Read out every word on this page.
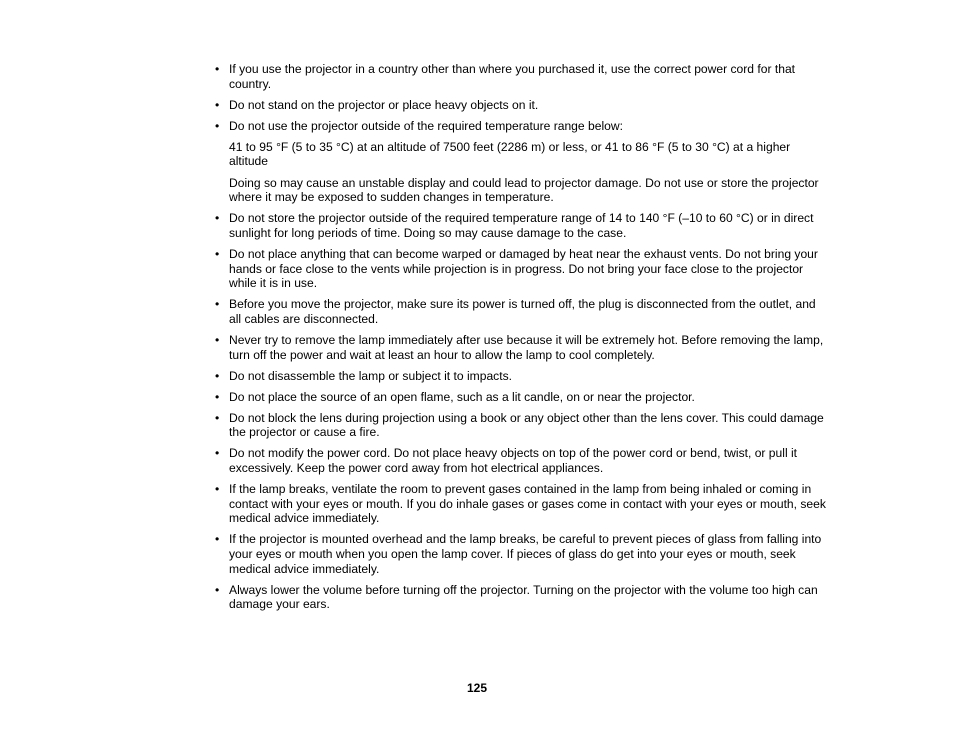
• If you use the projector in a country other than where you purchased it, use the correct power cord for that country.
• Do not stand on the projector or place heavy objects on it.
• Do not use the projector outside of the required temperature range below:
41 to 95 °F (5 to 35 °C) at an altitude of 7500 feet (2286 m) or less, or 41 to 86 °F (5 to 30 °C) at a higher altitude
Doing so may cause an unstable display and could lead to projector damage. Do not use or store the projector where it may be exposed to sudden changes in temperature.
• Do not store the projector outside of the required temperature range of 14 to 140 °F (–10 to 60 °C) or in direct sunlight for long periods of time. Doing so may cause damage to the case.
• Do not place anything that can become warped or damaged by heat near the exhaust vents. Do not bring your hands or face close to the vents while projection is in progress. Do not bring your face close to the projector while it is in use.
• Before you move the projector, make sure its power is turned off, the plug is disconnected from the outlet, and all cables are disconnected.
• Never try to remove the lamp immediately after use because it will be extremely hot. Before removing the lamp, turn off the power and wait at least an hour to allow the lamp to cool completely.
• Do not disassemble the lamp or subject it to impacts.
• Do not place the source of an open flame, such as a lit candle, on or near the projector.
• Do not block the lens during projection using a book or any object other than the lens cover. This could damage the projector or cause a fire.
• Do not modify the power cord. Do not place heavy objects on top of the power cord or bend, twist, or pull it excessively. Keep the power cord away from hot electrical appliances.
• If the lamp breaks, ventilate the room to prevent gases contained in the lamp from being inhaled or coming in contact with your eyes or mouth. If you do inhale gases or gases come in contact with your eyes or mouth, seek medical advice immediately.
• If the projector is mounted overhead and the lamp breaks, be careful to prevent pieces of glass from falling into your eyes or mouth when you open the lamp cover. If pieces of glass do get into your eyes or mouth, seek medical advice immediately.
• Always lower the volume before turning off the projector. Turning on the projector with the volume too high can damage your ears.
125
